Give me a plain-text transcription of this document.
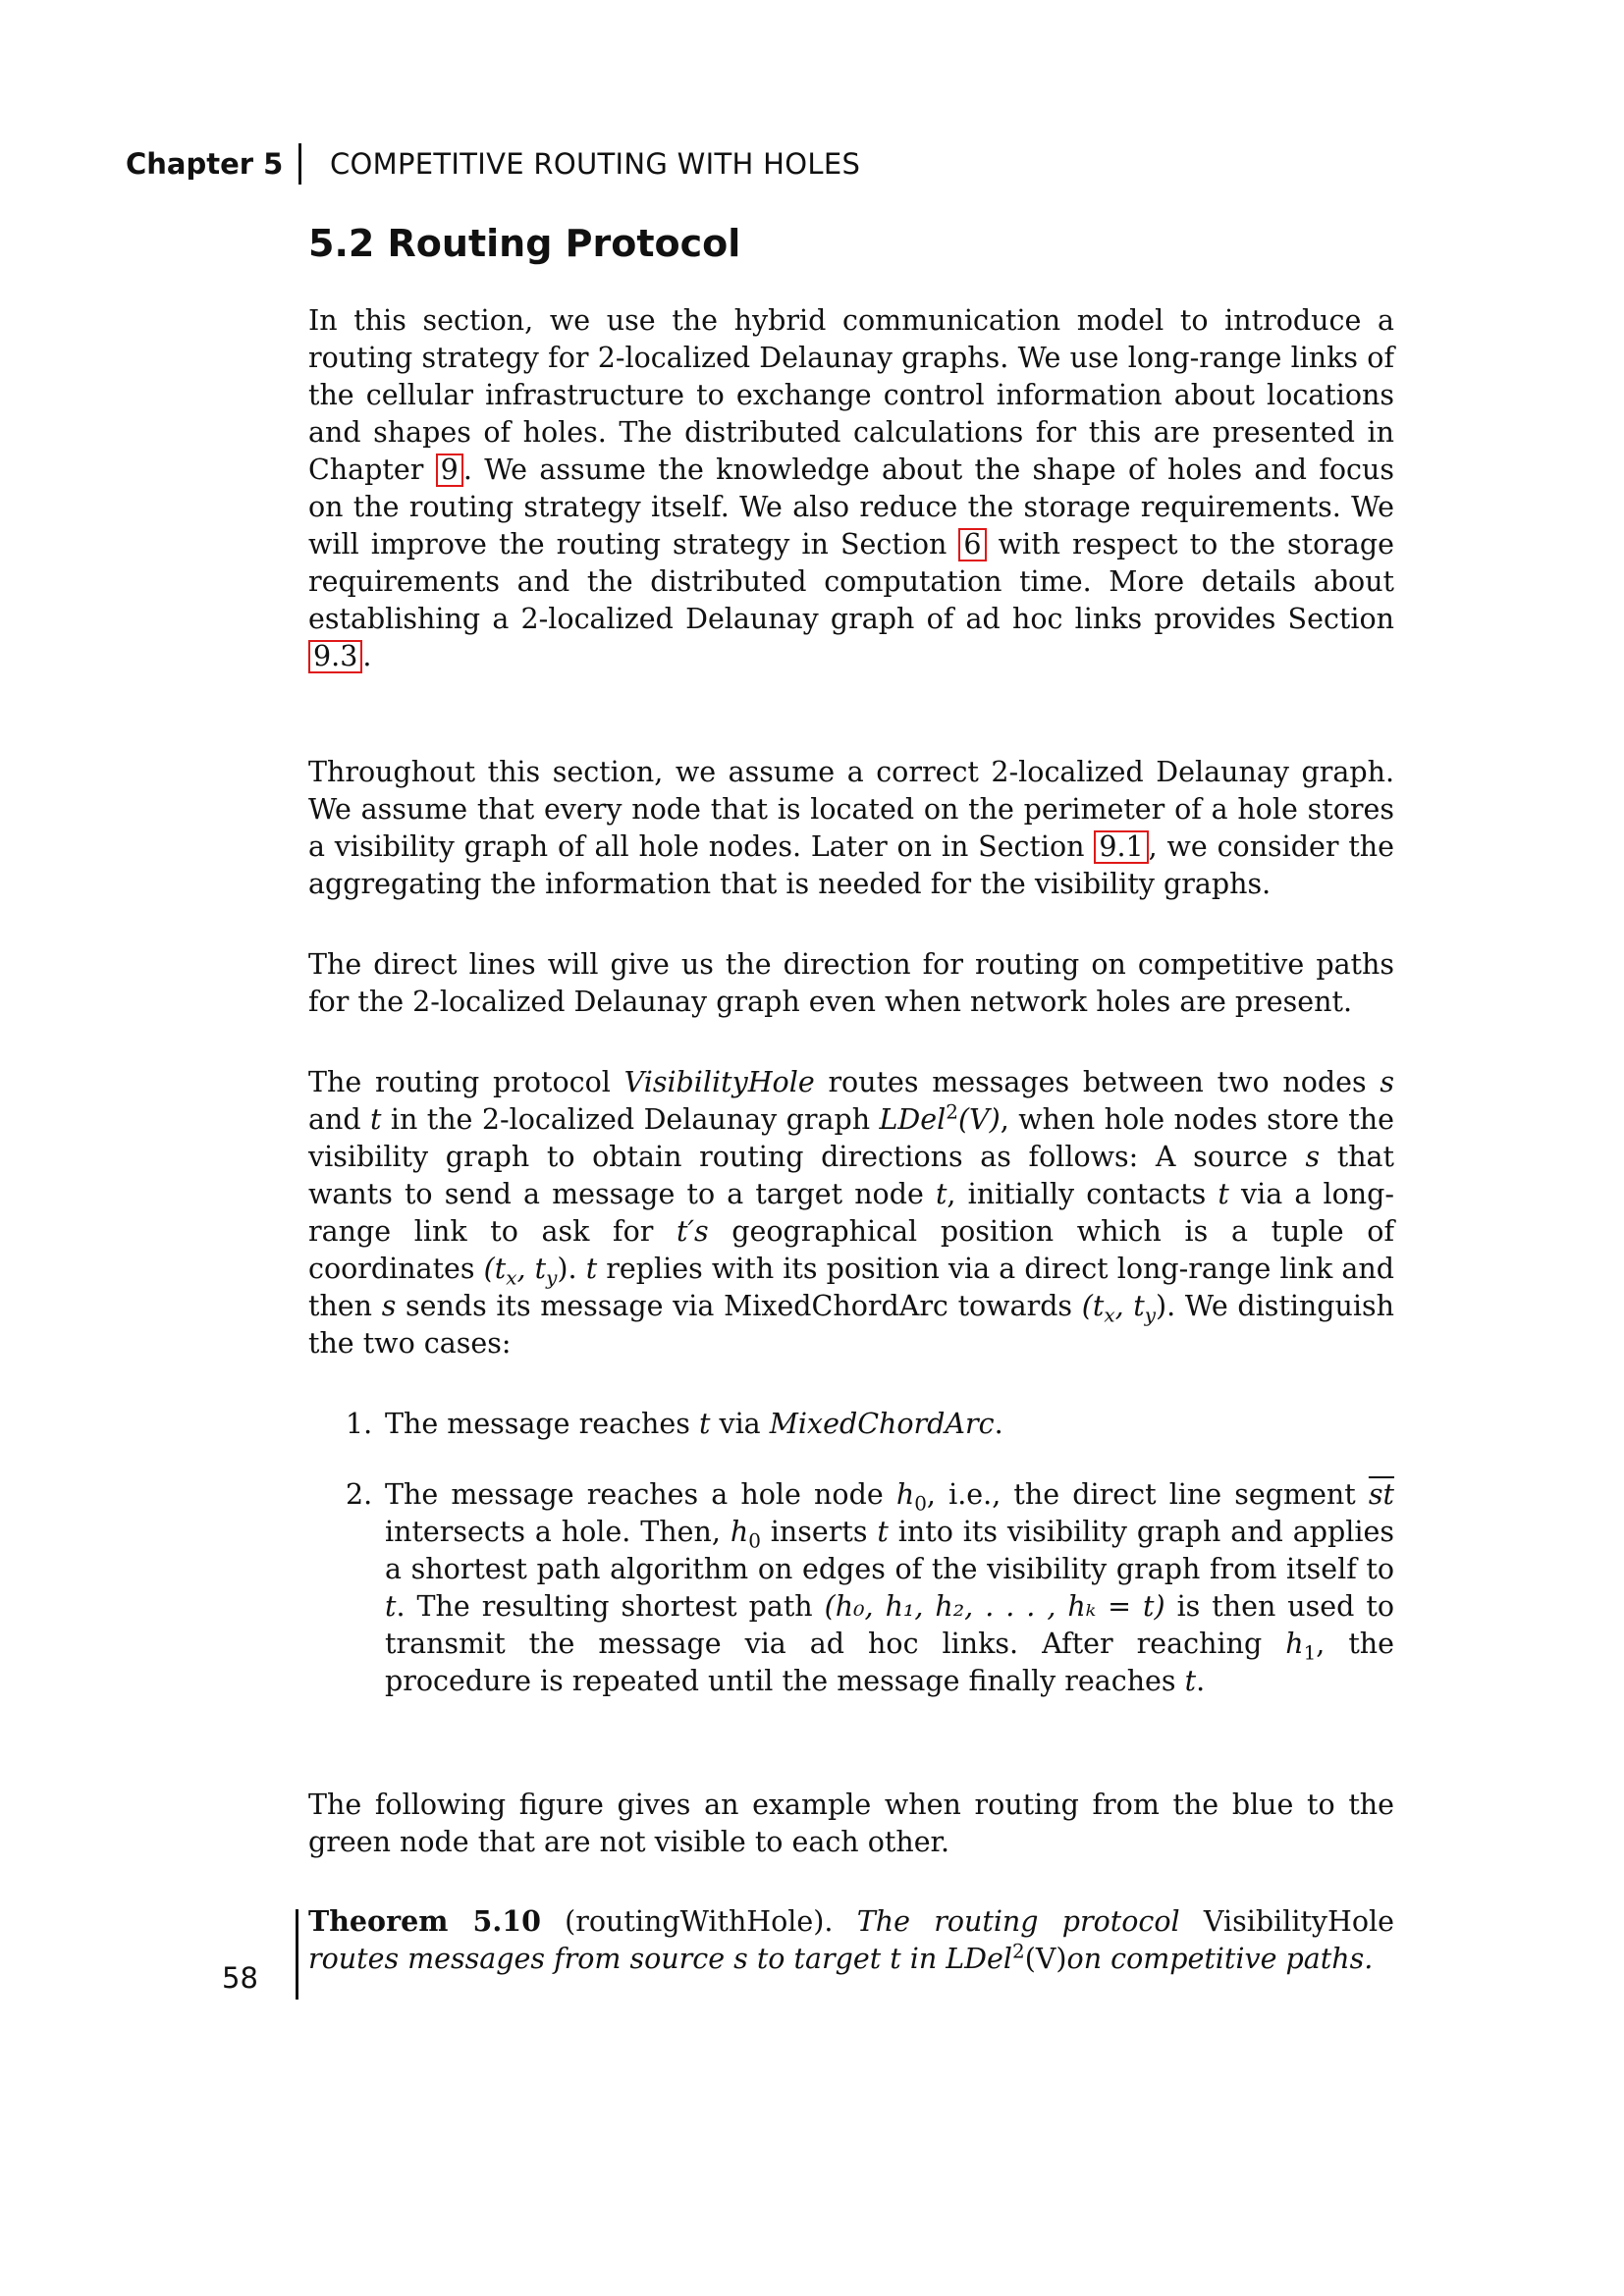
Chapter 5 COMPETITIVE ROUTING WITH HOLES
5.2 Routing Protocol

In this section, we use the hybrid communication model to introduce a routing strategy for 2-localized Delaunay graphs. We use long-range links of the cellular infrastructure to exchange control information about locations and shapes of holes. The distributed calculations for this are presented in Chapter 9 . We assume the knowledge about the shape of holes and focus on the routing strategy itself. We also reduce the storage requirements. We will improve the routing strategy in Section 6 with respect to the storage requirements and the distributed computation time. More details about establishing a 2-localized Delaunay graph of ad hoc links provides Section 9.3 .

Throughout this section, we assume a correct 2-localized Delaunay graph. We assume that every node that is located on the perimeter of a hole stores a visibility graph of all hole nodes. Later on in Section 9.1 , we consider the aggregating the information that is needed for the visibility graphs.

The direct lines will give us the direction for routing on competitive paths for the 2-localized Delaunay graph even when network holes are present.

The routing protocol VisibilityHole routes messages between two nodes s and t in the 2-localized Delaunay graph LDel$^2$(V), when hole nodes store the visibility graph to obtain routing directions as follows: A source s that wants to send a message to a target node t, initially contacts t via a long-range link to ask for t′s geographical position which is a tuple of coordinates ($t_x$, $t_y$). t replies with its position via a direct long-range link and then s sends its message via MixedChordArc towards ($t_x$, $t_y$). We distinguish the two cases:

1. The message reaches t via MixedChordArc.
2. The message reaches a hole node $h_0$, i.e., the direct line segment $\overline{st}$ intersects a hole. Then, $h_0$ inserts t into its visibility graph and applies a shortest path algorithm on edges of the visibility graph from itself to t. The resulting shortest path (h₀, h₁, h₂, . . . , hₖ = t) is then used to transmit the message via ad hoc links. After reaching $h_1$, the procedure is repeated until the message finally reaches t.

The following figure gives an example when routing from the blue to the green node that are not visible to each other.

Theorem 5.10 (routingWithHole). The routing protocol VisibilityHole routes messages from source s to target t in LDel$^2$(V)on competitive paths.

58
